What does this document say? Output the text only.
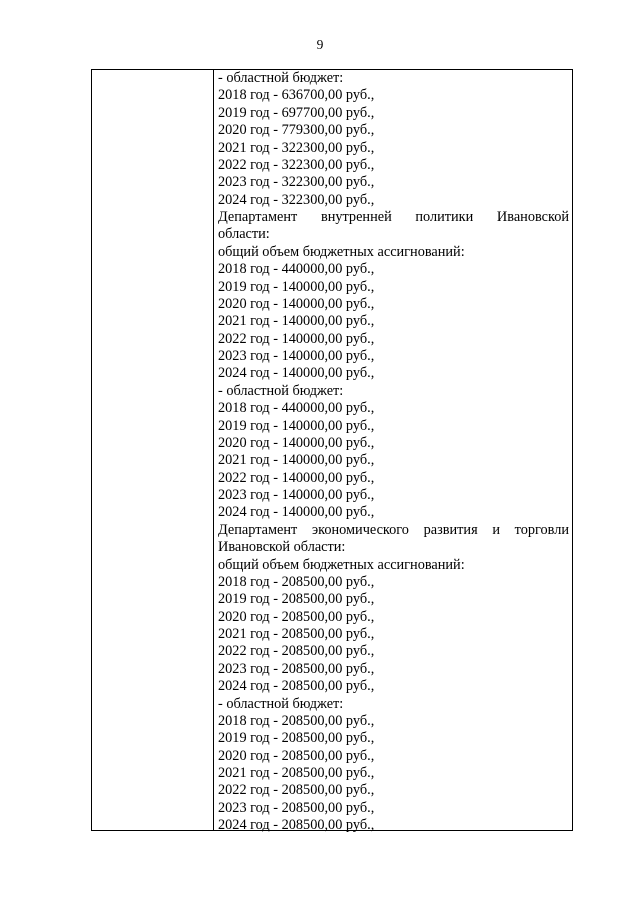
9
- областной бюджет:
2018 год - 636700,00 руб.,
2019 год - 697700,00 руб.,
2020 год - 779300,00 руб.,
2021 год - 322300,00 руб.,
2022 год - 322300,00 руб.,
2023 год - 322300,00 руб.,
2024 год - 322300,00 руб.,
Департамент внутренней политики Ивановской
области:
общий объем бюджетных ассигнований:
2018 год - 440000,00 руб.,
2019 год - 140000,00 руб.,
2020 год - 140000,00 руб.,
2021 год - 140000,00 руб.,
2022 год - 140000,00 руб.,
2023 год - 140000,00 руб.,
2024 год - 140000,00 руб.,
- областной бюджет:
2018 год - 440000,00 руб.,
2019 год - 140000,00 руб.,
2020 год - 140000,00 руб.,
2021 год - 140000,00 руб.,
2022 год - 140000,00 руб.,
2023 год - 140000,00 руб.,
2024 год - 140000,00 руб.,
Департамент экономического развития и торговли
Ивановской области:
общий объем бюджетных ассигнований:
2018 год - 208500,00 руб.,
2019 год - 208500,00 руб.,
2020 год - 208500,00 руб.,
2021 год - 208500,00 руб.,
2022 год - 208500,00 руб.,
2023 год - 208500,00 руб.,
2024 год - 208500,00 руб.,
- областной бюджет:
2018 год - 208500,00 руб.,
2019 год - 208500,00 руб.,
2020 год - 208500,00 руб.,
2021 год - 208500,00 руб.,
2022 год - 208500,00 руб.,
2023 год - 208500,00 руб.,
2024 год - 208500,00 руб.,
